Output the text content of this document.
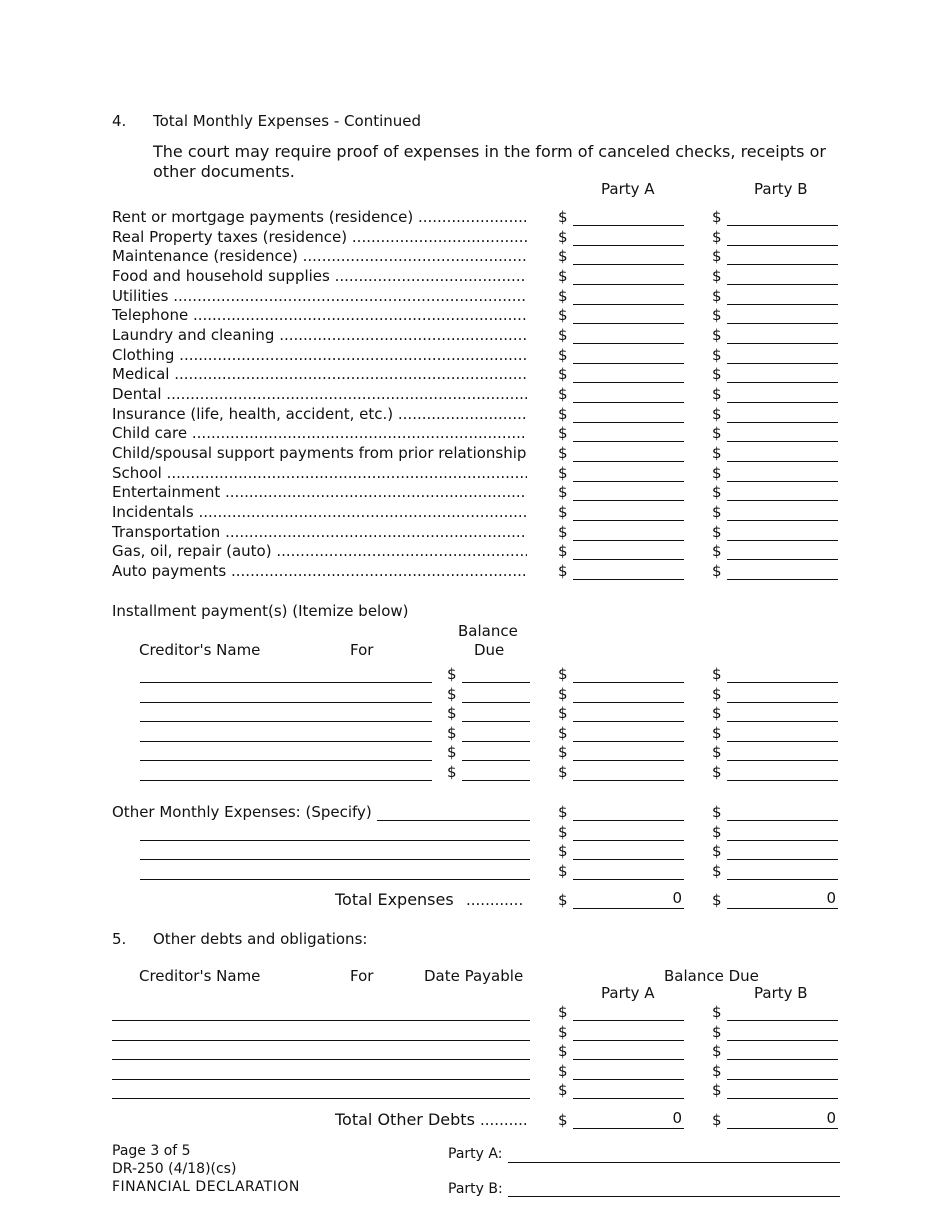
4. Total Monthly Expenses - Continued
The court may require proof of expenses in the form of canceled checks, receipts or other documents.
Party A	Party B
Rent or mortgage payments (residence) .....	$	$
Real Property taxes (residence) .....	$	$
Maintenance (residence) .....	$	$
Food and household supplies .....	$	$
Utilities .....	$	$
Telephone .....	$	$
Laundry and cleaning .....	$	$
Clothing .....	$	$
Medical .....	$	$
Dental .....	$	$
Insurance (life, health, accident, etc.) .....	$	$
Child care .....	$	$
Child/spousal support payments from prior relationship ..... $	$
School .....	$	$
Entertainment .....	$	$
Incidentals .....	$	$
Transportation .....	$	$
Gas, oil, repair (auto) .....	$	$
Auto payments .....	$	$
Installment payment(s) (Itemize below)
Creditor's Name	For
Balance
Due
$	$	$
$	$	$
$	$	$
$	$	$
$	$	$
$	$	$
Other Monthly Expenses: (Specify)	$	$
$	$
$	$
$	$
Total Expenses ............ $	0 $	0
5. Other debts and obligations:
Creditor's Name	For	Date Payable	Balance Due
Party A	Party B
$	$
$	$
$	$
$	$
$	$
Total Other Debts .......... $	0 $	0
Page 3 of 5
DR-250 (4/18)(cs)
FINANCIAL DECLARATION
Party A:
Party B:
